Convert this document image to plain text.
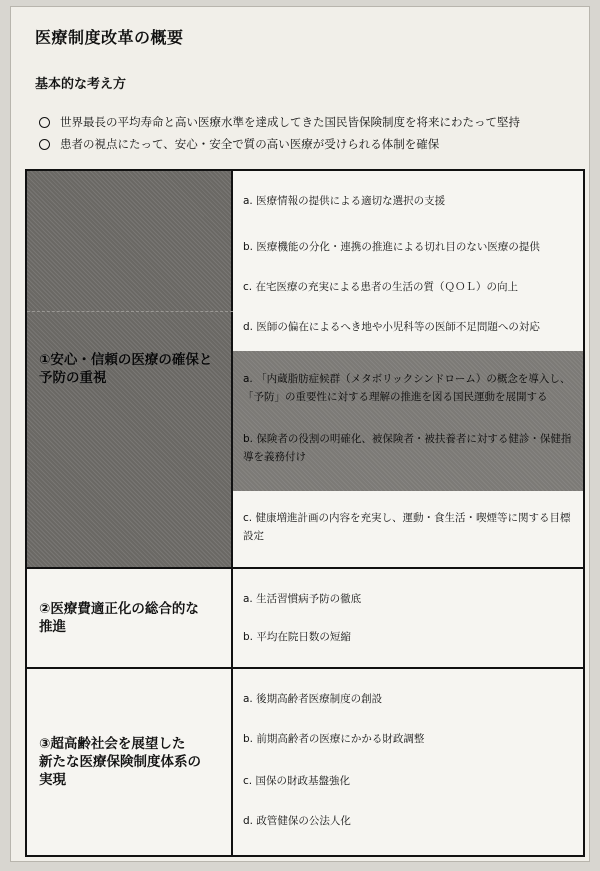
医療制度改革の概要
基本的な考え方
世界最長の平均寿命と高い医療水準を達成してきた国民皆保険制度を将来にわたって堅持
患者の視点にたって、安心・安全で質の高い医療が受けられる体制を確保
①安心・信頼の医療の確保と
予防の重視
a. 医療情報の提供による適切な選択の支援
b. 医療機能の分化・連携の推進による切れ目のない医療の提供
c. 在宅医療の充実による患者の生活の質（ＱＯＬ）の向上
d. 医師の偏在によるへき地や小児科等の医師不足問題への対応
a. 「内蔵脂肪症候群（メタボリックシンドローム）の概念を導入し、
「予防」の重要性に対する理解の推進を図る国民運動を展開する
b. 保険者の役割の明確化、被保険者・被扶養者に対する健診・保健指
導を義務付け
c. 健康増進計画の内容を充実し、運動・食生活・喫煙等に関する目標
設定
②医療費適正化の総合的な
推進
a. 生活習慣病予防の徹底
b. 平均在院日数の短縮
③超高齢社会を展望した
新たな医療保険制度体系の
実現
a. 後期高齢者医療制度の創設
b. 前期高齢者の医療にかかる財政調整
c. 国保の財政基盤強化
d. 政管健保の公法人化
